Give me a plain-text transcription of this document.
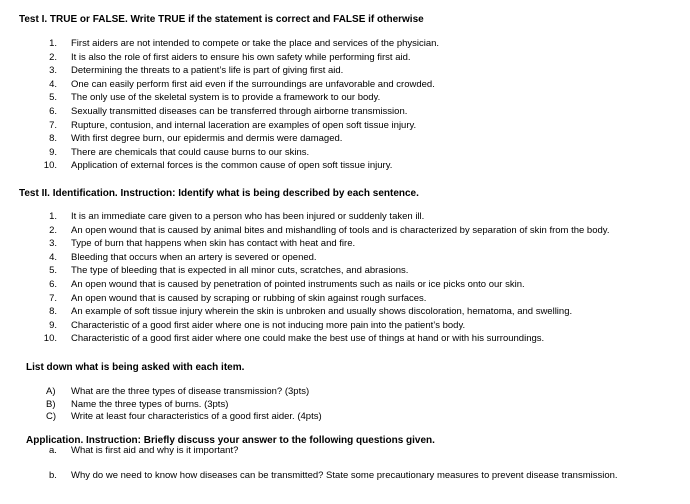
Test I. TRUE or FALSE. Write TRUE if the statement is correct and FALSE if otherwise
1. First aiders are not intended to compete or take the place and services of the physician.
2. It is also the role of first aiders to ensure his own safety while performing first aid.
3. Determining the threats to a patient’s life is part of giving first aid.
4. One can easily perform first aid even if the surroundings are unfavorable and crowded.
5. The only use of the skeletal system is to provide a framework to our body.
6. Sexually transmitted diseases can be transferred through airborne transmission.
7. Rupture, contusion, and internal laceration are examples of open soft tissue injury.
8. With first degree burn, our epidermis and dermis were damaged.
9. There are chemicals that could cause burns to our skins.
10. Application of external forces is the common cause of open soft tissue injury.
Test II. Identification. Instruction: Identify what is being described by each sentence.
1. It is an immediate care given to a person who has been injured or suddenly taken ill.
2. An open wound that is caused by animal bites and mishandling of tools and is characterized by separation of skin from the body.
3. Type of burn that happens when skin has contact with heat and fire.
4. Bleeding that occurs when an artery is severed or opened.
5. The type of bleeding that is expected in all minor cuts, scratches, and abrasions.
6. An open wound that is caused by penetration of pointed instruments such as nails or ice picks onto our skin.
7. An open wound that is caused by scraping or rubbing of skin against rough surfaces.
8. An example of soft tissue injury wherein the skin is unbroken and usually shows discoloration, hematoma, and swelling.
9. Characteristic of a good first aider where one is not inducing more pain into the patient’s body.
10. Characteristic of a good first aider where one could make the best use of things at hand or with his surroundings.
List down what is being asked with each item.
A) What are the three types of disease transmission? (3pts)
B) Name the three types of burns. (3pts)
C) Write at least four characteristics of a good first aider. (4pts)
Application. Instruction: Briefly discuss your answer to the following questions given.
a. What is first aid and why is it important?
b. Why do we need to know how diseases can be transmitted? State some precautionary measures to prevent disease transmission.
